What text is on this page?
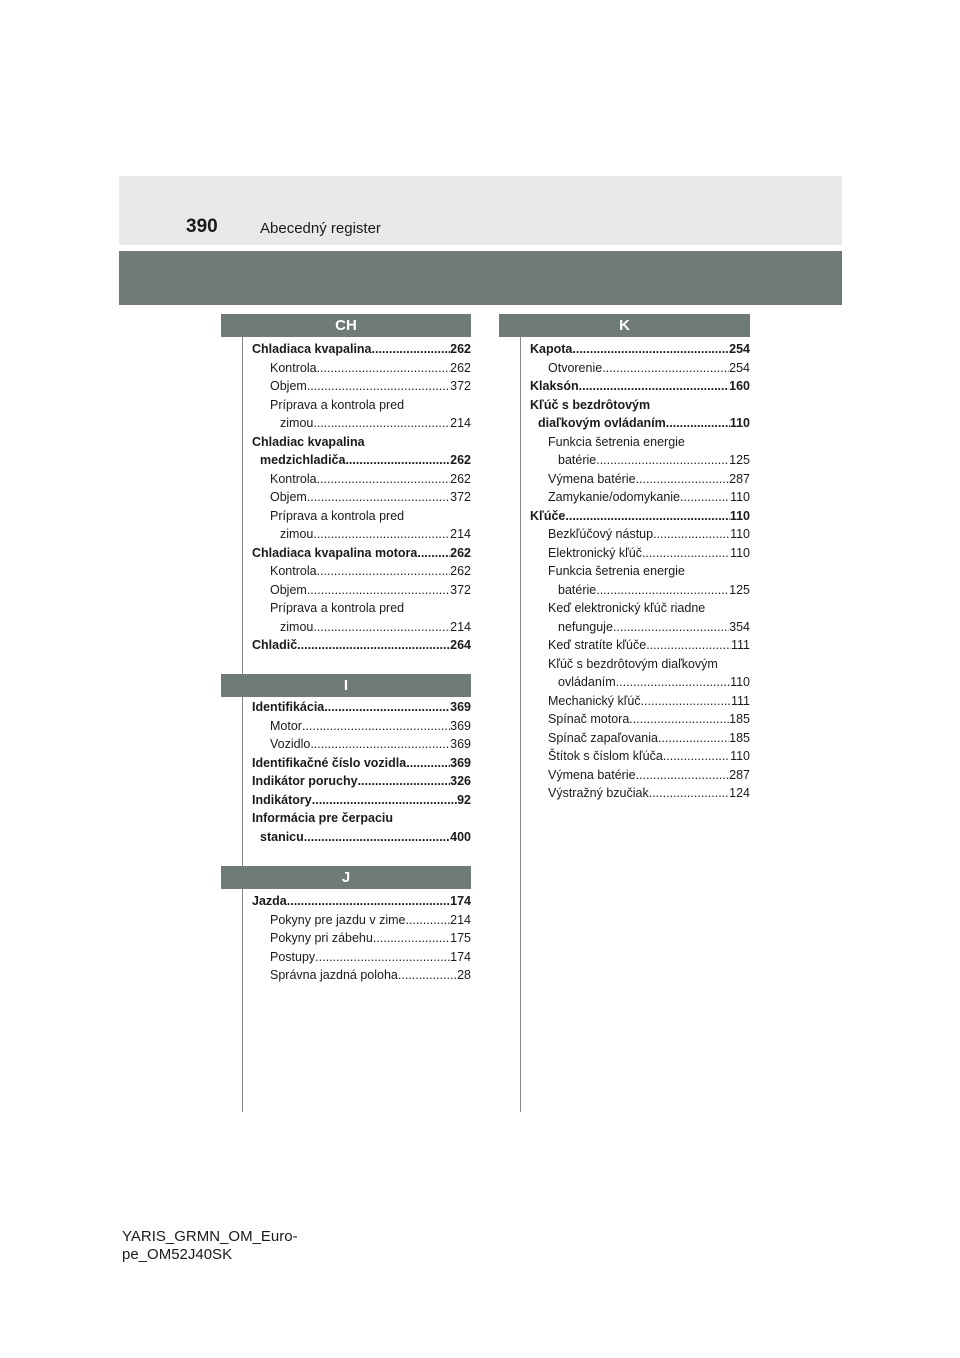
390	Abecedný register
CH
Chladiaca kvapalina .....	262
Kontrola .....	262
Objem .....	372
Príprava a kontrola pred
zimou .....	214
Chladiac kvapalina
medzichladiča .....	262
Kontrola .....	262
Objem .....	372
Príprava a kontrola pred
zimou .....	214
Chladiaca kvapalina motora .....	262
Kontrola .....	262
Objem .....	372
Príprava a kontrola pred
zimou .....	214
Chladič .....	264
I
Identifikácia .....	369
Motor .....	369
Vozidlo .....	369
Identifikačné číslo vozidla .....	369
Indikátor poruchy .....	326
Indikátory .....	92
Informácia pre čerpaciu
stanicu .....	400
J
Jazda .....	174
Pokyny pre jazdu v zime .....	214
Pokyny pri zábehu .....	175
Postupy .....	174
Správna jazdná poloha .....	28
K
Kapota .....	254
Otvorenie .....	254
Klaksón .....	160
Kľúč s bezdrôtovým
diaľkovým ovládaním .....	110
Funkcia šetrenia energie
batérie .....	125
Výmena batérie .....	287
Zamykanie/odomykanie .....	110
Kľúče .....	110
Bezkľúčový nástup .....	110
Elektronický kľúč .....	110
Funkcia šetrenia energie
batérie .....	125
Keď elektronický kľúč riadne
nefunguje .....	354
Keď stratíte kľúče .....	111
Kľúč s bezdrôtovým diaľkovým
ovládaním .....	110
Mechanický kľúč .....	111
Spínač motora .....	185
Spínač zapaľovania .....	185
Štítok s číslom kľúča .....	110
Výmena batérie .....	287
Výstražný bzučiak .....	124
YARIS_GRMN_OM_Euro-
pe_OM52J40SK
